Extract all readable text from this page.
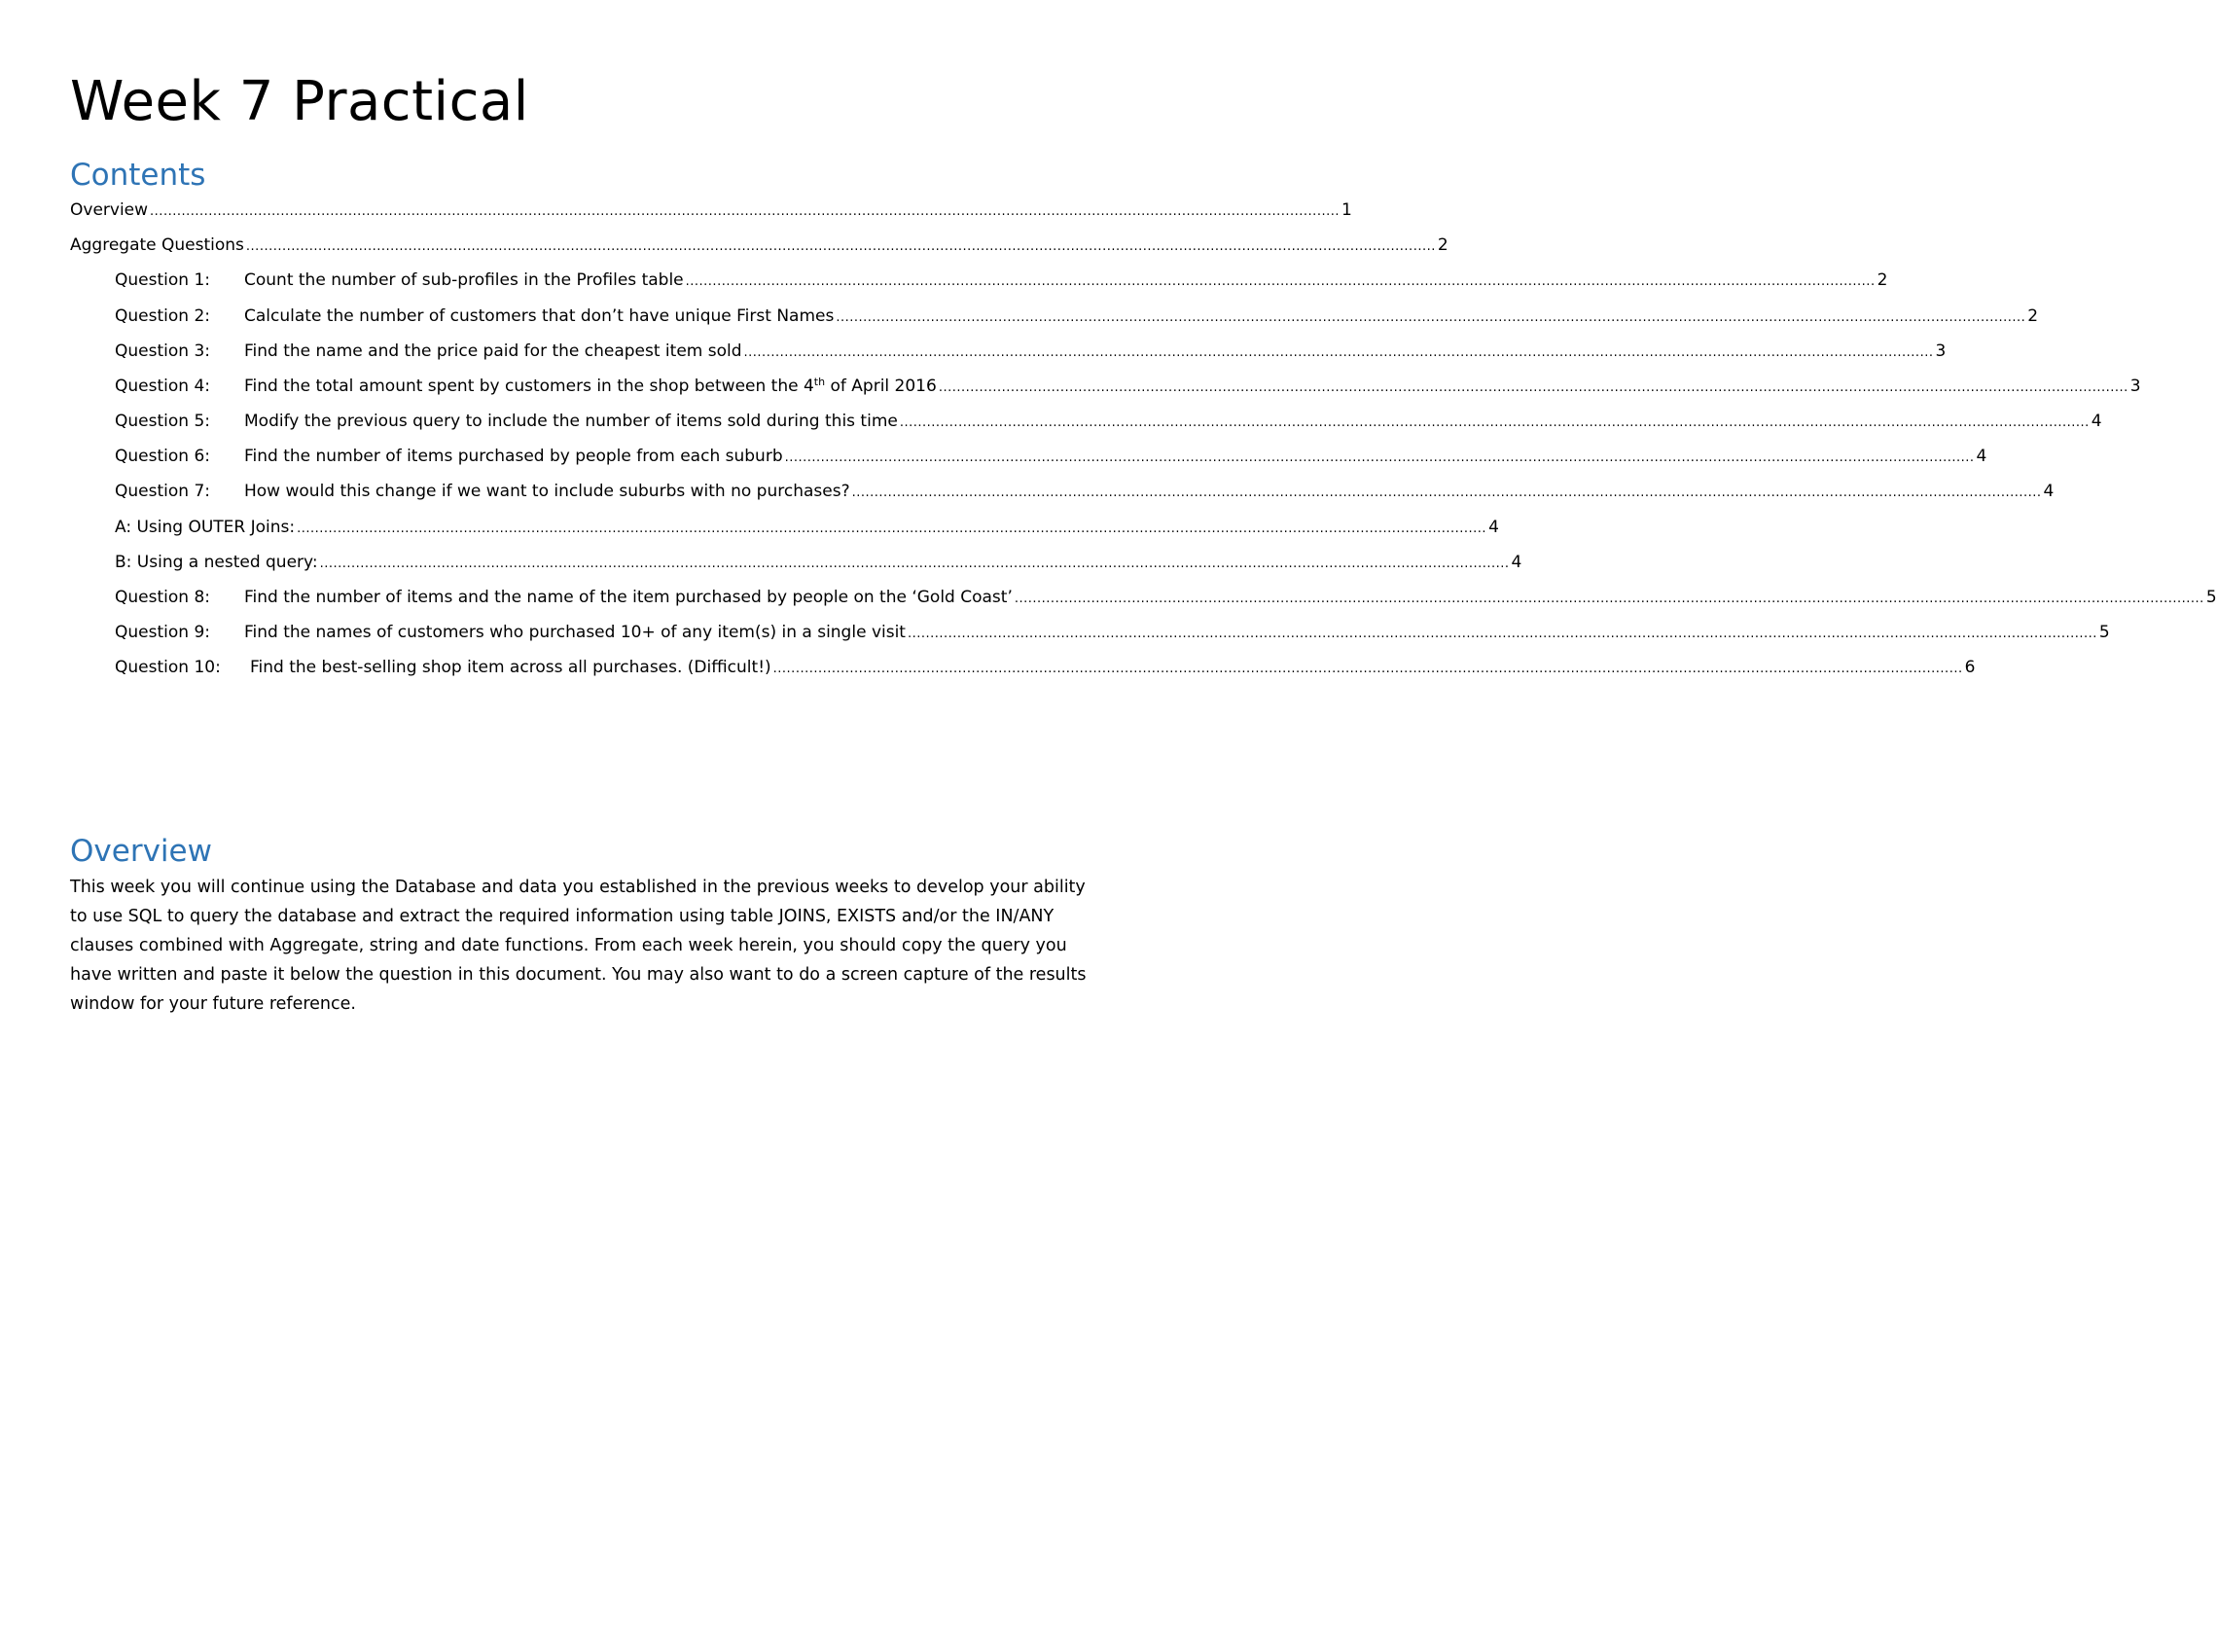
Week 7 Practical
Contents
Overview .....	1
Aggregate Questions .....	2
Question 1:	Count the number of sub-profiles in the Profiles table .....	2
Question 2:	Calculate the number of customers that don’t have unique First Names .....	2
Question 3:	Find the name and the price paid for the cheapest item sold .....	3
Question 4:	Find the total amount spent by customers in the shop between the 4th of April 2016 .....	3
Question 5:	Modify the previous query to include the number of items sold during this time .....	4
Question 6:	Find the number of items purchased by people from each suburb .....	4
Question 7:	How would this change if we want to include suburbs with no purchases? .....	4
A: Using OUTER Joins: .....	4
B: Using a nested query: .....	4
Question 8:	Find the number of items and the name of the item purchased by people on the ‘Gold Coast’ .....	5
Question 9:	Find the names of customers who purchased 10+ of any item(s) in a single visit .....	5
Question 10:	Find the best-selling shop item across all purchases. (Difficult!) .....	6
Overview

This week you will continue using the Database and data you established in the previous weeks to develop your ability to use SQL to query the database and extract the required information using table JOINS, EXISTS and/or the IN/ANY clauses combined with Aggregate, string and date functions. From each week herein, you should copy the query you have written and paste it below the question in this document. You may also want to do a screen capture of the results window for your future reference.
